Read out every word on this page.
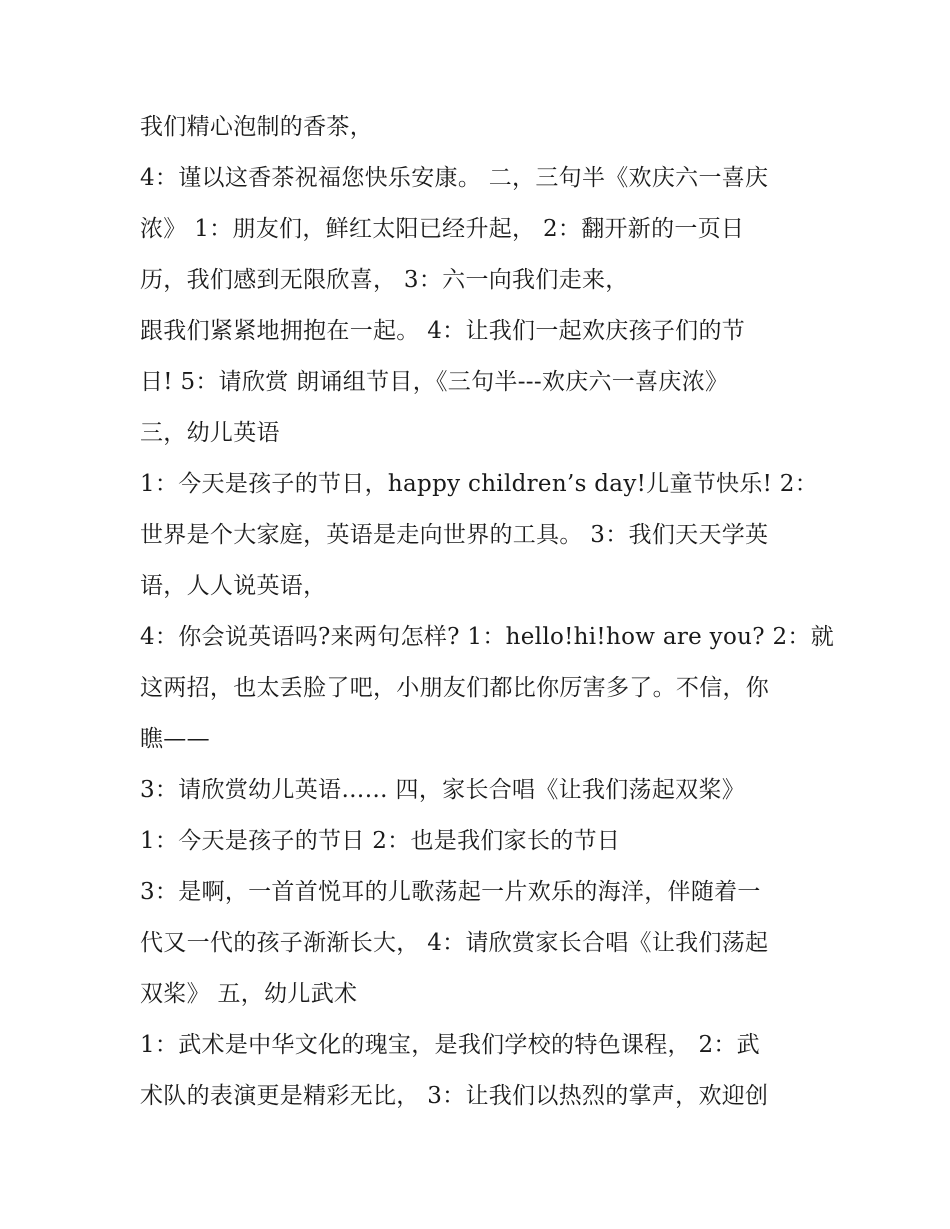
我们精心泡制的香茶，
4：谨以这香茶祝福您快乐安康。 二，三句半《欢庆六一喜庆
浓》 1：朋友们，鲜红太阳已经升起， 2：翻开新的一页日
历，我们感到无限欣喜， 3：六一向我们走来，
跟我们紧紧地拥抱在一起。 4：让我们一起欢庆孩子们的节
日! 5：请欣赏 朗诵组节目，《三句半---欢庆六一喜庆浓》
三，幼儿英语
1：今天是孩子的节日，happy children’s day!儿童节快乐! 2：
世界是个大家庭，英语是走向世界的工具。 3：我们天天学英
语，人人说英语，
4：你会说英语吗?来两句怎样? 1：hello!hi!how are you? 2：就
这两招，也太丢脸了吧，小朋友们都比你厉害多了。不信，你
瞧——
3：请欣赏幼儿英语…… 四，家长合唱《让我们荡起双桨》
1：今天是孩子的节日 2：也是我们家长的节日
3：是啊，一首首悦耳的儿歌荡起一片欢乐的海洋，伴随着一
代又一代的孩子渐渐长大， 4：请欣赏家长合唱《让我们荡起
双桨》 五，幼儿武术
1：武术是中华文化的瑰宝，是我们学校的特色课程， 2：武
术队的表演更是精彩无比， 3：让我们以热烈的掌声，欢迎创
